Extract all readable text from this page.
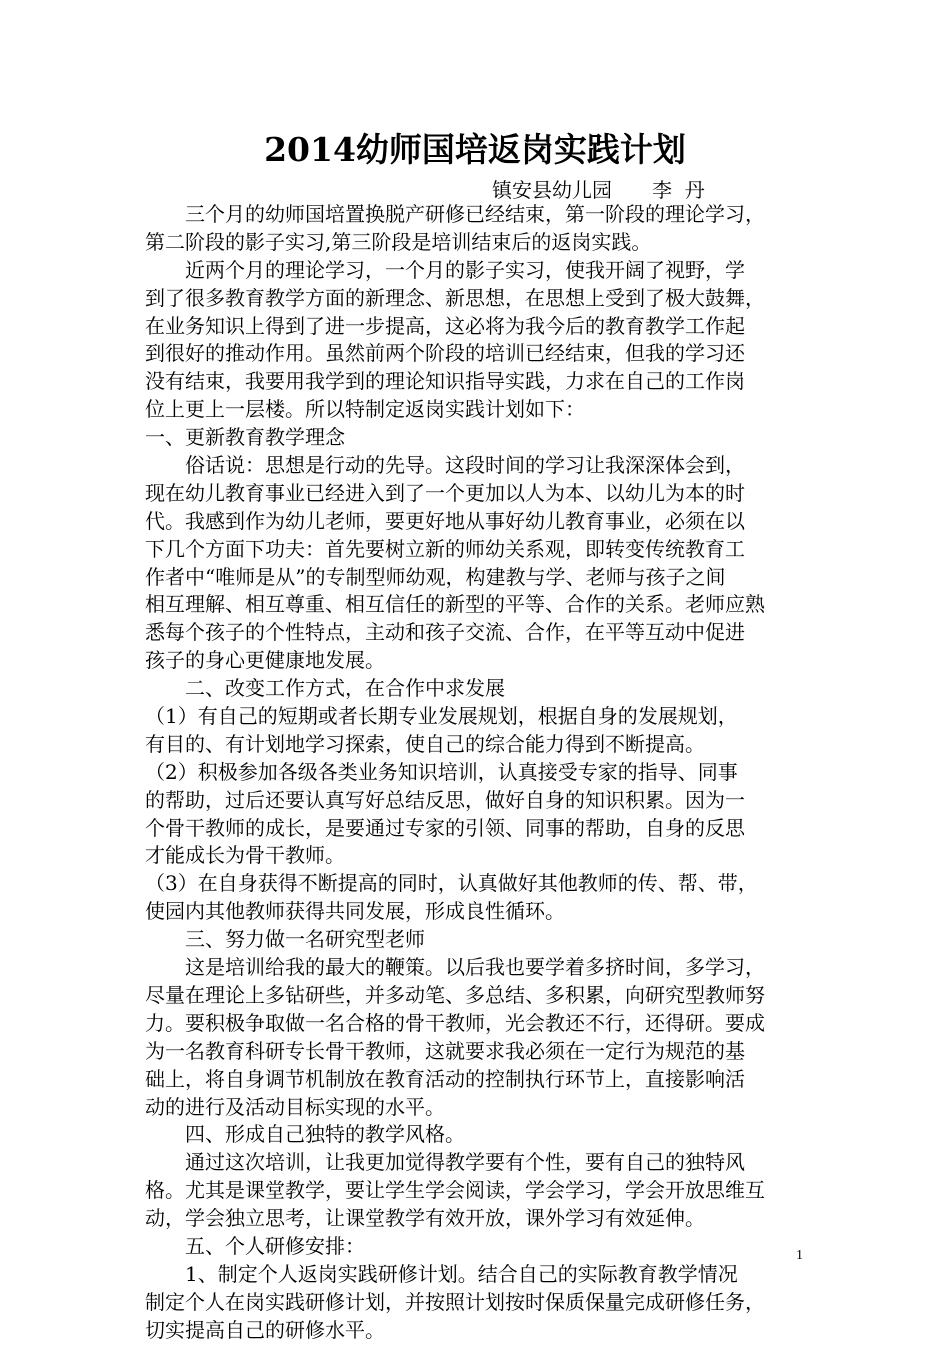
2014幼师国培返岗实践计划
镇安县幼儿园　　李  丹
　　三个月的幼师国培置换脱产研修已经结束，第一阶段的理论学习，
第二阶段的影子实习,第三阶段是培训结束后的返岗实践。
　　近两个月的理论学习，一个月的影子实习，使我开阔了视野，学
到了很多教育教学方面的新理念、新思想，在思想上受到了极大鼓舞，
在业务知识上得到了进一步提高，这必将为我今后的教育教学工作起
到很好的推动作用。虽然前两个阶段的培训已经结束，但我的学习还
没有结束，我要用我学到的理论知识指导实践，力求在自己的工作岗
位上更上一层楼。所以特制定返岗实践计划如下：
一、更新教育教学理念
　　俗话说：思想是行动的先导。这段时间的学习让我深深体会到，
现在幼儿教育事业已经进入到了一个更加以人为本、以幼儿为本的时
代。我感到作为幼儿老师，要更好地从事好幼儿教育事业，必须在以
下几个方面下功夫：首先要树立新的师幼关系观，即转变传统教育工
作者中“唯师是从”的专制型师幼观，构建教与学、老师与孩子之间
相互理解、相互尊重、相互信任的新型的平等、合作的关系。老师应熟
悉每个孩子的个性特点，主动和孩子交流、合作，在平等互动中促进
孩子的身心更健康地发展。
　　二、改变工作方式，在合作中求发展
（1）有自己的短期或者长期专业发展规划，根据自身的发展规划，
有目的、有计划地学习探索，使自己的综合能力得到不断提高。
（2）积极参加各级各类业务知识培训，认真接受专家的指导、同事
的帮助，过后还要认真写好总结反思，做好自身的知识积累。因为一
个骨干教师的成长，是要通过专家的引领、同事的帮助，自身的反思
才能成长为骨干教师。
（3）在自身获得不断提高的同时，认真做好其他教师的传、帮、带，
使园内其他教师获得共同发展，形成良性循环。
　　三、努力做一名研究型老师
　　这是培训给我的最大的鞭策。以后我也要学着多挤时间，多学习，
尽量在理论上多钻研些，并多动笔、多总结、多积累，向研究型教师努
力。要积极争取做一名合格的骨干教师，光会教还不行，还得研。要成
为一名教育科研专长骨干教师，这就要求我必须在一定行为规范的基
础上，将自身调节机制放在教育活动的控制执行环节上，直接影响活
动的进行及活动目标实现的水平。
　　四、形成自己独特的教学风格。
　　通过这次培训，让我更加觉得教学要有个性，要有自己的独特风
格。尤其是课堂教学，要让学生学会阅读，学会学习，学会开放思维互
动，学会独立思考，让课堂教学有效开放，课外学习有效延伸。
　　五、个人研修安排：
　　1、制定个人返岗实践研修计划。结合自己的实际教育教学情况
制定个人在岗实践研修计划，并按照计划按时保质保量完成研修任务，
切实提高自己的研修水平。
1
